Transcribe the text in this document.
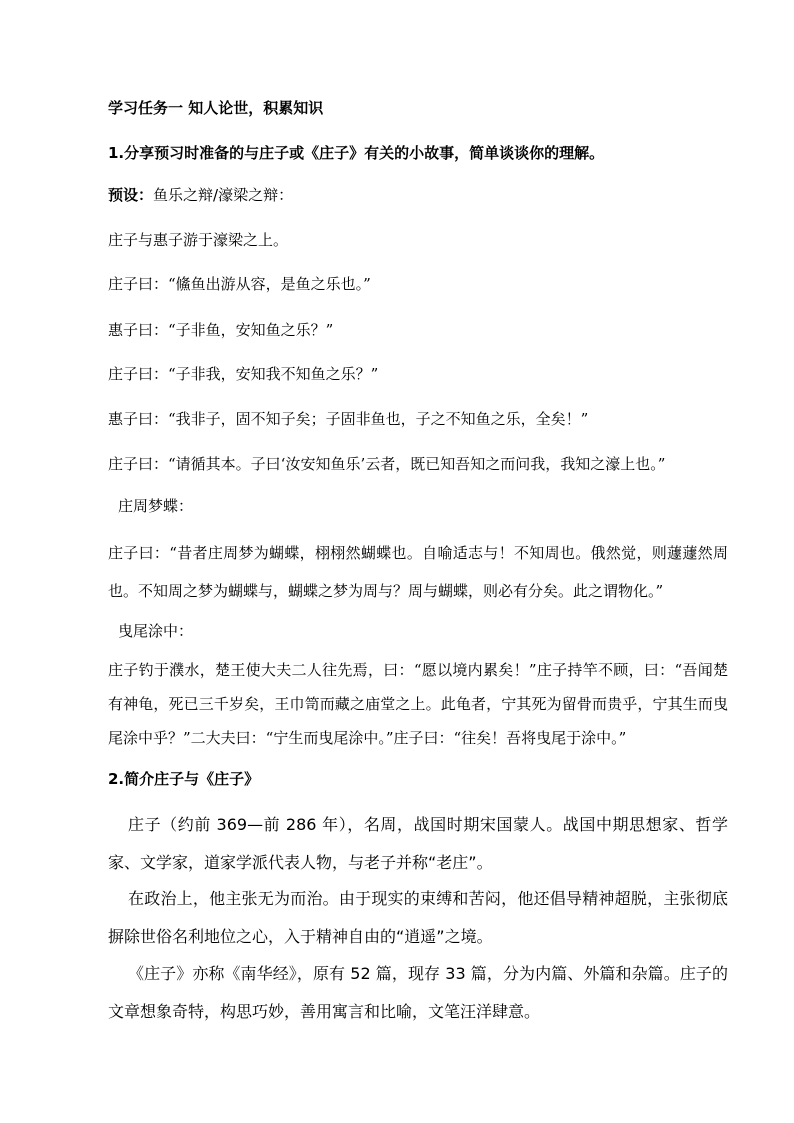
学习任务一 知人论世，积累知识
1.分享预习时准备的与庄子或《庄子》有关的小故事，简单谈谈你的理解。
预设：鱼乐之辩/濠梁之辩：
庄子与惠子游于濠梁之上。
庄子曰：“鯈鱼出游从容，是鱼之乐也。”
惠子曰：“子非鱼，安知鱼之乐？”
庄子曰：“子非我，安知我不知鱼之乐？”
惠子曰：“我非子，固不知子矣；子固非鱼也，子之不知鱼之乐，全矣！”
庄子曰：“请循其本。子曰‘汝安知鱼乐’云者，既已知吾知之而问我，我知之濠上也。”
庄周梦蝶：
庄子曰：“昔者庄周梦为蝴蝶，栩栩然蝴蝶也。自喻适志与！不知周也。俄然觉，则蘧蘧然周也。不知周之梦为蝴蝶与，蝴蝶之梦为周与？周与蝴蝶，则必有分矣。此之谓物化。”
曳尾涂中：
庄子钓于濮水，楚王使大夫二人往先焉，曰：“愿以境内累矣！”庄子持竿不顾，曰：“吾闻楚有神龟，死已三千岁矣，王巾笥而藏之庙堂之上。此龟者，宁其死为留骨而贵乎，宁其生而曳尾涂中乎？”二大夫曰：“宁生而曳尾涂中。”庄子曰：“往矣！吾将曳尾于涂中。”
2.简介庄子与《庄子》
庄子（约前 369—前 286 年），名周，战国时期宋国蒙人。战国中期思想家、哲学家、文学家，道家学派代表人物，与老子并称“老庄”。
在政治上，他主张无为而治。由于现实的束缚和苦闷，他还倡导精神超脱，主张彻底摒除世俗名利地位之心，入于精神自由的“逍遥”之境。
《庄子》亦称《南华经》，原有 52 篇，现存 33 篇，分为内篇、外篇和杂篇。庄子的文章想象奇特，构思巧妙，善用寓言和比喻，文笔汪洋肆意。
